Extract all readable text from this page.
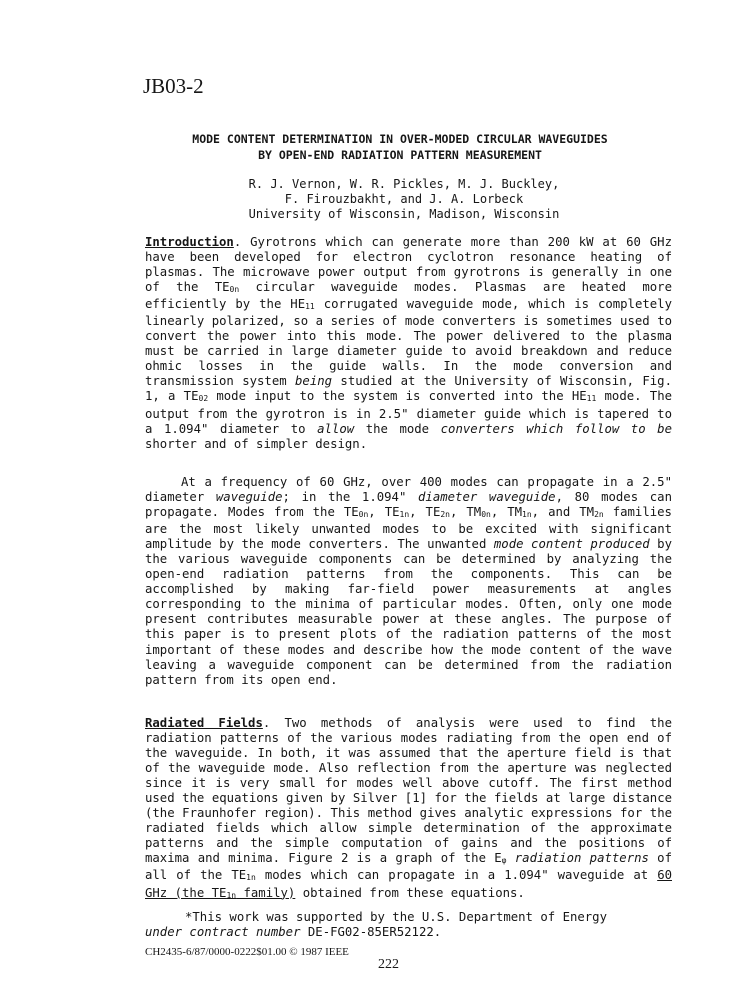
JB03-2
MODE CONTENT DETERMINATION IN OVER-MODED CIRCULAR WAVEGUIDES
BY OPEN-END RADIATION PATTERN MEASUREMENT
R. J. Vernon, W. R. Pickles, M. J. Buckley,
F. Firouzbakht, and J. A. Lorbeck
University of Wisconsin, Madison, Wisconsin
Introduction. Gyrotrons which can generate more than 200 kW at 60 GHz have been developed for electron cyclotron resonance heating of plasmas. The microwave power output from gyrotrons is generally in one of the $TE_{0n}$ circular waveguide modes. Plasmas are heated more efficiently by the $HE_{11}$ corrugated waveguide mode, which is completely linearly polarized, so a series of mode converters is sometimes used to convert the power into this mode. The power delivered to the plasma must be carried in large diameter guide to avoid breakdown and reduce ohmic losses in the guide walls. In the mode conversion and transmission system being studied at the University of Wisconsin, Fig. 1, a $TE_{02}$ mode input to the system is converted into the $HE_{11}$ mode. The output from the gyrotron is in 2.5" diameter guide which is tapered to a 1.094" diameter to allow the mode converters which follow to be shorter and of simpler design.
At a frequency of 60 GHz, over 400 modes can propagate in a 2.5" diameter waveguide; in the 1.094" diameter waveguide, 80 modes can propagate. Modes from the $TE_{0n}$, $TE_{1n}$, $TE_{2n}$, $TM_{0n}$, $TM_{1n}$, and $TM_{2n}$ families are the most likely unwanted modes to be excited with significant amplitude by the mode converters. The unwanted mode content produced by the various waveguide components can be determined by analyzing the open-end radiation patterns from the components. This can be accomplished by making far-field power measurements at angles corresponding to the minima of particular modes. Often, only one mode present contributes measurable power at these angles. The purpose of this paper is to present plots of the radiation patterns of the most important of these modes and describe how the mode content of the wave leaving a waveguide component can be determined from the radiation pattern from its open end.
Radiated Fields. Two methods of analysis were used to find the radiation patterns of the various modes radiating from the open end of the waveguide. In both, it was assumed that the aperture field is that of the waveguide mode. Also reflection from the aperture was neglected since it is very small for modes well above cutoff. The first method used the equations given by Silver [1] for the fields at large distance (the Fraunhofer region). This method gives analytic expressions for the radiated fields which allow simple determination of the approximate patterns and the simple computation of gains and the positions of maxima and minima. Figure 2 is a graph of the $E_\varphi$ radiation patterns of all of the $TE_{1n}$ modes which can propagate in a 1.094" waveguide at 60 GHz (the $TE_{1n}$ family) obtained from these equations.
*This work was supported by the U.S. Department of Energy
under contract number DE-FG02-85ER52122.
CH2435-6/87/0000-0222$01.00 © 1987 IEEE
222
